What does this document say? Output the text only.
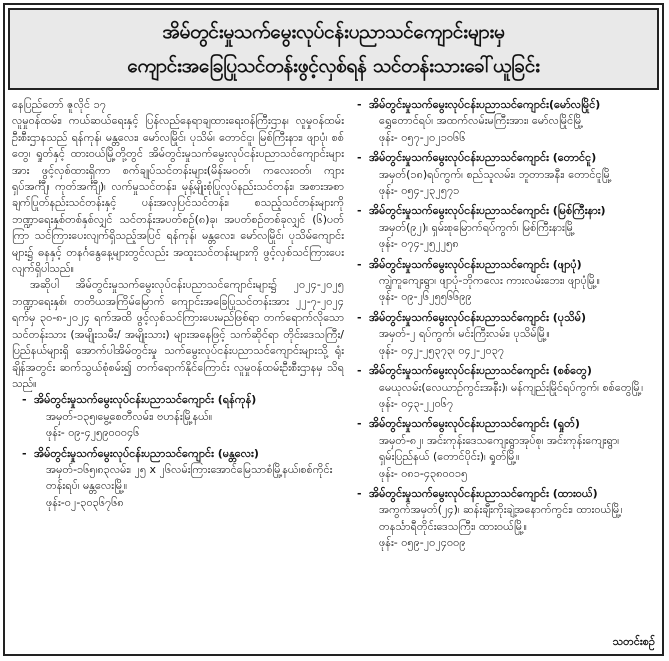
အိမ်တွင်းမှုသက်မွေးလုပ်ငန်းပညာသင်ကျောင်းများမှ
ကျောင်းအခြေပြုသင်တန်းဖွင့်လှစ်ရန် သင်တန်းသားခေါ်ယူခြင်း

နေပြည်တော် ဇူလိုင် ၁၇

လူမှုဝန်ထမ်း၊ ကယ်ဆယ်ရေးနှင့် ပြန်လည်နေရာချထားရေးဝန်ကြီးဌာန၊ လူမှုဝန်ထမ်းဦးစီးဌာနသည် ရန်ကုန်၊ မန္တလေး၊ မော်လမြိုင်၊ ပုသိမ်၊ တောင်ငူ၊ မြစ်ကြီးနား၊ ဖျာပုံ၊ စစ်တွေ၊ ရှုတ်နှင့် ထားဝယ်မြို့တို့တွင် အိမ်တွင်းမှုသက်မွေးလုပ်ငန်းပညာသင်ကျောင်းများအား ဖွင့်လှစ်ထားရှိကာ စက်ချုပ်သင်တန်းများ(မိန်းမဝတ်၊ ကလေးဝတ်၊ ကျားရှပ်အင်္ကျီ၊ ကုတ်အင်္ကျီ)၊ လက်မှုသင်တန်း၊ မုန့်မျိုးစုံပြုလုပ်နည်းသင်တန်း၊ အစားအစာချက်ပြုတ်နည်းသင်တန်းနှင့် ပန်းအလှပြင်သင်တန်း၊ စသည့်သင်တန်းများကို ဘဏ္ဍာရေးနှစ်တစ်နှစ်လျှင် သင်တန်းအပတ်စဉ်(၈)ခု၊ အပတ်စဉ်တစ်ခုလျှင် (၆)ပတ်ကြာ သင်ကြားပေးလျက်ရှိသည့်အပြင် ရန်ကုန်၊ မန္တလေး၊ မော်လမြိုင်၊ ပုသိမ်ကျောင်းများ၌ ဓနနှင့် တနင်္ဂနွေနေ့များတွင်လည်း အထူးသင်တန်းများကို ဖွင့်လှစ်သင်ကြားပေးလျက်ရှိပါသည်။

အဆိုပါ အိမ်တွင်းမှုသက်မွေးလုပ်ငန်းပညာသင်ကျောင်းများ၌ ၂၀၂၄-၂၀၂၅ ဘဏ္ဍာရေးနှစ်၊ တတိယအကြိမ်မြောက် ကျောင်းအခြေပြုသင်တန်းအား ၂၂-၇-၂၀၂၄ ရက်မှ ၃၀-၈-၂၀၂၄ ရက်အထိ ဖွင့်လှစ်သင်ကြားပေးမည်ဖြစ်ရာ တက်ရောက်လိုသော သင်တန်းသား (အမျိုးသမီး/ အမျိုးသား) များအနေဖြင့် သက်ဆိုင်ရာ တိုင်းဒေသကြီး/ ပြည်နယ်များရှိ အောက်ပါအိမ်တွင်းမှု သက်မွေးလုပ်ငန်းပညာသင်ကျောင်းများသို့ ရုံးချိန်အတွင်း ဆက်သွယ်စုံစမ်း၍ တက်ရောက်နိုင်ကြောင်း လူမှုဝန်ထမ်းဦးစီးဌာနမှ သိရသည်။

- အိမ်တွင်းမှုသက်မွေးလုပ်ငန်းပညာသင်ကျောင်း (ရန်ကုန်)
အမှတ်-၁၃၅၊မွေ့စေတီလမ်း၊ ဗဟန်းမြို့နယ်။
ဖုန်း- ၀၉-၄၂၅၉၀၀၀၄၆
- အိမ်တွင်းမှုသက်မွေးလုပ်ငန်းပညာသင်ကျောင်း (မန္တလေး)
အမှတ်-၁၆၅၊၈၃လမ်း၊ ၂၅ x ၂၆လမ်းကြားအောင်မြေသာစံမြို့နယ်၊စစ်ကိုင်းတန်းရပ်၊ မန္တလေးမြို့။
ဖုန်း-၀၂-၃၀၃၆၇၆၈
- အိမ်တွင်းမှုသက်မွေးလုပ်ငန်းပညာသင်ကျောင်း(မော်လမြိုင်)
ရွှေတောင်ရပ်၊ အထက်လမ်းမကြီးအား၊ မော်လမြိုင်မြို့
ဖုန်း- ၀၅၇-၂၀၂၁၀၆၆
- အိမ်တွင်းမှုသက်မွေးလုပ်ငန်းပညာသင်ကျောင်း (တောင်ငူ)
အမှတ်(၁၈)ရပ်ကွက်၊ စည်သူလမ်း၊ ဘူတာအနီး၊ တောင်ငူမြို့
ဖုန်း- ၀၅၄-၂၃၂၅၇၁
- အိမ်တွင်းမှုသက်မွေးလုပ်ငန်းပညာသင်ကျောင်း (မြစ်ကြီးနား)
အမှတ်(၉၂)၊ ရှမ်းစုမြောက်ရပ်ကွက်၊ မြစ်ကြီးနားမြို့
ဖုန်း- ၀၇၄-၂၅၂၂၅၈
- အိမ်တွင်းမှုသက်မွေးလုပ်ငန်းပညာသင်ကျောင်း (ဖျာပုံ)
ကျွဲကူကျေးရွာ၊ ဖျာပုံ-ဘိုကလေး ကားလမ်းဘေး၊ ဖျာပုံမြို့။
ဖုန်း- ၀၉-၂၆၂၅၅၆၆၉၉
- အိမ်တွင်းမှုသက်မွေးလုပ်ငန်းပညာသင်ကျောင်း (ပုသိမ်)
အမှတ်-၂ ရပ်ကွက်၊ မင်းကြီးလမ်း၊ ပုသိမ်မြို့။
ဖုန်း- ၀၄၂-၂၅၃၇၃၊ ၀၄၂-၂၀၃၇
- အိမ်တွင်းမှုသက်မွေးလုပ်ငန်းပညာသင်ကျောင်း (စစ်တွေ)
မေယုလမ်း(လေယာဉ်ကွင်းအနီး)၊ မန်ကျည်းမြိုင်ရပ်ကွက်၊ စစ်တွေမြို့၊ ဖုန်း- ၀၄၃-၂၂၀၆၇
- အိမ်တွင်းမှုသက်မွေးလုပ်ငန်းပညာသင်ကျောင်း (ရှုတ်)
အမှတ်-၈၂၊ အင်းကုန်းဒေသကျေးရွာအုပ်စု၊ အင်းကုန်းကျေးရွာ၊ ရှမ်းပြည်နယ် (တောင်ပိုင်း)၊ ရှုတ်မြို့။
ဖုန်း- ၀၈၁-၄၃၈၀၀၁၅
- အိမ်တွင်းမှုသက်မွေးလုပ်ငန်းပညာသင်ကျောင်း (ထားဝယ်)
အကွက်အမှတ်(၂၄)၊ ဆန်းချီးကိုးချဲ့အနောက်ကွင်း၊ ထားဝယ်မြို့၊ တနင်္သာရီတိုင်းဒေသကြီး၊ ထားဝယ်မြို့။
ဖုန်း- ၀၅၉-၂၀၂၄၀၀၉
သတင်းစဉ်
